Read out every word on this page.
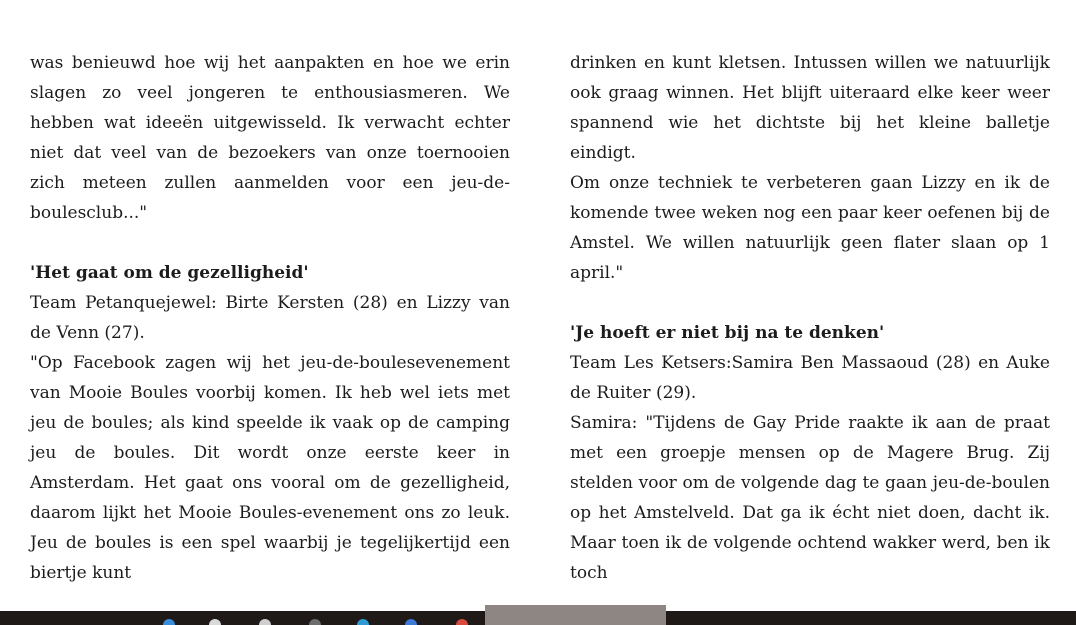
was benieuwd hoe wij het aanpakten en hoe we erin slagen zo veel jongeren te enthousiasmeren. We hebben wat ideeën uitgewisseld. Ik verwacht echter niet dat veel van de bezoekers van onze toernooien zich meteen zullen aanmelden voor een jeu-de-boulesclub..."

'Het gaat om de gezelligheid'

Team Petanquejewel: Birte Kersten (28) en Lizzy van de Venn (27).

"Op Facebook zagen wij het jeu-de-boulesevenement van Mooie Boules voorbij komen. Ik heb wel iets met jeu de boules; als kind speelde ik vaak op de camping jeu de boules. Dit wordt onze eerste keer in Amsterdam. Het gaat ons vooral om de gezelligheid, daarom lijkt het Mooie Boules-evenement ons zo leuk. Jeu de boules is een spel waarbij je tegelijkertijd een biertje kunt

drinken en kunt kletsen. Intussen willen we natuurlijk ook graag winnen. Het blijft uiteraard elke keer weer spannend wie het dichtste bij het kleine balletje eindigt.

Om onze techniek te verbeteren gaan Lizzy en ik de komende twee weken nog een paar keer oefenen bij de Amstel. We willen natuurlijk geen flater slaan op 1 april."

'Je hoeft er niet bij na te denken'

Team Les Ketsers:Samira Ben Massaoud (28) en Auke de Ruiter (29).

Samira: "Tijdens de Gay Pride raakte ik aan de praat met een groepje mensen op de Magere Brug. Zij stelden voor om de volgende dag te gaan jeu-de-boulen op het Amstelveld. Dat ga ik écht niet doen, dacht ik. Maar toen ik de volgende ochtend wakker werd, ben ik toch
